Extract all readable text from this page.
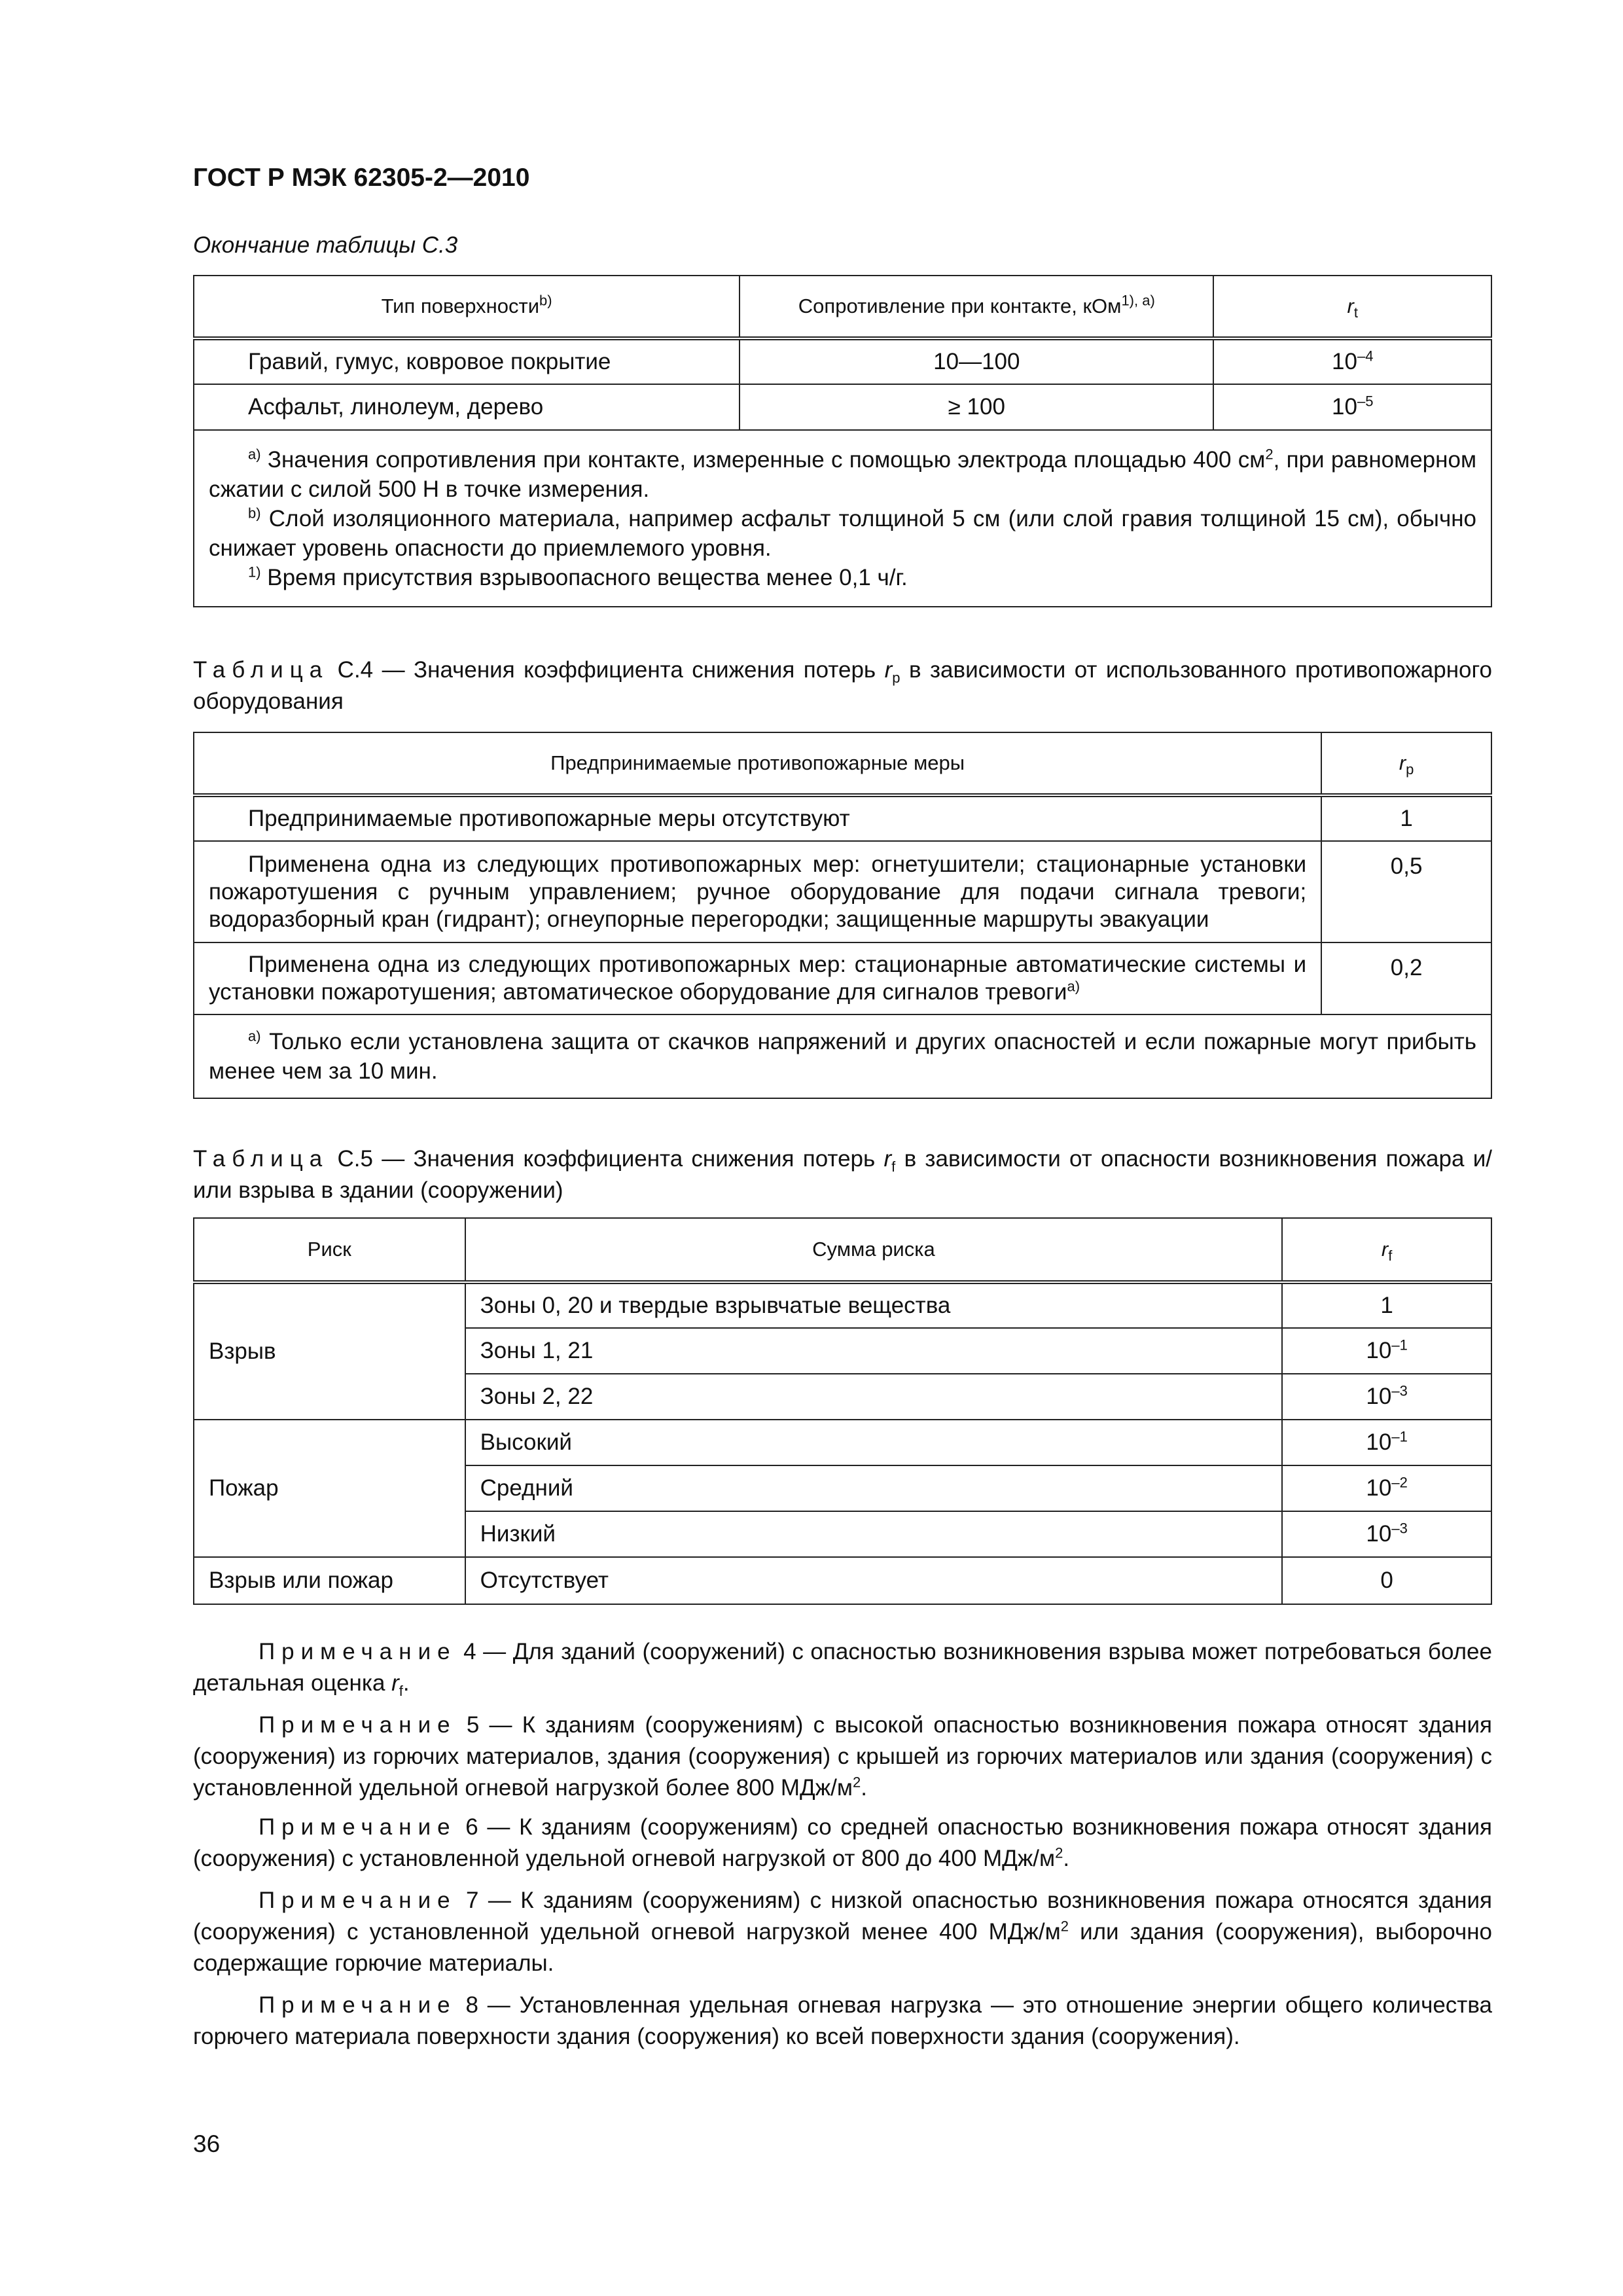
ГОСТ Р МЭК 62305-2—2010
Окончание таблицы С.3
Тип поверхности$^{b)}$	Сопротивление при контакте, кОм$^{1), a)}$	$r_t$
Гравий, гумус, ковровое покрытие	10—100	$10^{-4}$
Асфальт, линолеум, дерево	≥ 100	$10^{-5}$

$^{a)}$ Значения сопротивления при контакте, измеренные с помощью электрода площадью 400 $см^2$, при равномерном сжатии с силой 500 Н в точке измерения.
$^{b)}$ Слой изоляционного материала, например асфальт толщиной 5 см (или слой гравия толщиной 15 см), обычно снижает уровень опасности до приемлемого уровня.
$^{1)}$ Время присутствия взрывоопасного вещества менее 0,1 ч/г.		
Таблица С.4 — Значения коэффициента снижения потерь $r_p$ в зависимости от использованного противопожарного оборудования
Предпринимаемые противопожарные меры	$r_p$
Предпринимаемые противопожарные меры отсутствуют	1
Применена одна из следующих противопожарных мер: огнетушители; стационарные установки пожаротушения с ручным управлением; ручное оборудование для подачи сигнала тревоги; водоразборный кран (гидрант); огнеупорные перегородки; защищенные маршруты эвакуации	0,5
Применена одна из следующих противопожарных мер: стационарные автоматические системы и установки пожаротушения; автоматическое оборудование для сигналов тревоги$^{a)}$	0,2
$^{a)}$ Только если установлена защита от скачков напряжений и других опасностей и если пожарные могут прибыть менее чем за 10 мин.	
Таблица С.5 — Значения коэффициента снижения потерь $r_f$ в зависимости от опасности возникновения пожара и/или взрыва в здании (сооружении)
Риск	Сумма риска	$r_f$
Взрыв	Зоны 0, 20 и твердые взрывчатые вещества	1
	Зоны 1, 21	$10^{-1}$
	Зоны 2, 22	$10^{-3}$
Пожар	Высокий	$10^{-1}$
	Средний	$10^{-2}$
	Низкий	$10^{-3}$
Взрыв или пожар	Отсутствует	0
Примечание 4 — Для зданий (сооружений) с опасностью возникновения взрыва может потребоваться более детальная оценка $r_f$.
Примечание 5 — К зданиям (сооружениям) с высокой опасностью возникновения пожара относят здания (сооружения) из горючих материалов, здания (сооружения) с крышей из горючих материалов или здания (сооружения) с установленной удельной огневой нагрузкой более 800 МДж/$м^2$.
Примечание 6 — К зданиям (сооружениям) со средней опасностью возникновения пожара относят здания (сооружения) с установленной удельной огневой нагрузкой от 800 до 400 МДж/$м^2$.
Примечание 7 — К зданиям (сооружениям) с низкой опасностью возникновения пожара относятся здания (сооружения) с установленной удельной огневой нагрузкой менее 400 МДж/$м^2$ или здания (сооружения), выборочно содержащие горючие материалы.
Примечание 8 — Установленная удельная огневая нагрузка — это отношение энергии общего количества горючего материала поверхности здания (сооружения) ко всей поверхности здания (сооружения).
36
